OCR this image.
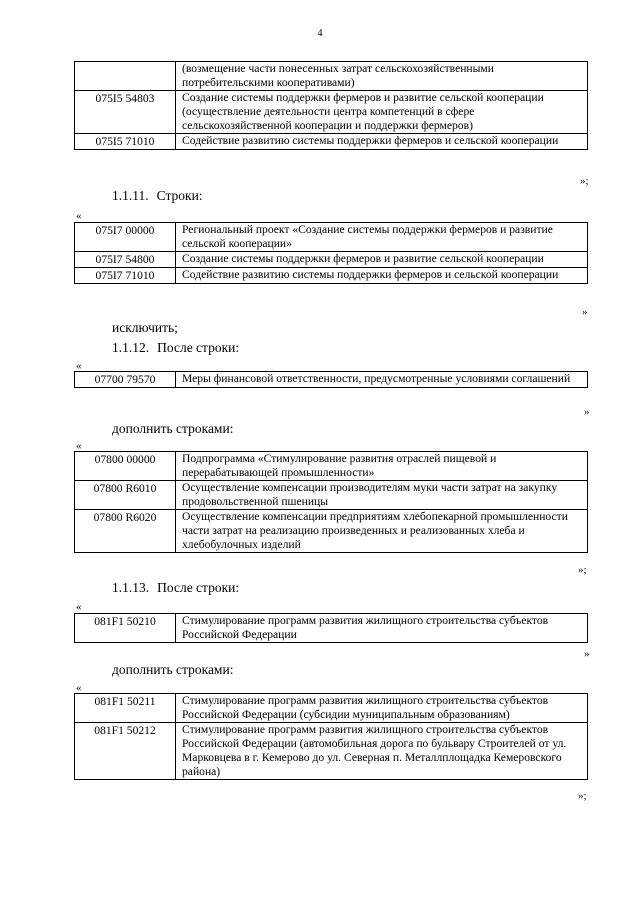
4
	(возмещение части понесенных затрат сельскохозяйственными потребительскими кооперативами)
075I5 54803	Создание системы поддержки фермеров и развитие сельской кооперации (осуществление деятельности центра компетенций в сфере сельскохозяйственной кооперации и поддержки фермеров)
075I5 71010	Содействие развитию системы поддержки фермеров и сельской кооперации
»;
1.1.11. Строки:
«
075I7 00000	Региональный проект «Создание системы поддержки фермеров и развитие сельской кооперации»
075I7 54800	Создание системы поддержки фермеров и развитие сельской кооперации
075I7 71010	Содействие развитию системы поддержки фермеров и сельской кооперации
»
исключить;
1.1.12. После строки:
«
07700 79570	Меры финансовой ответственности, предусмотренные условиями соглашений
»
дополнить строками:
«
07800 00000	Подпрограмма «Стимулирование развития отраслей пищевой и перерабатывающей промышленности»
07800 R6010	Осуществление компенсации производителям муки части затрат на закупку продовольственной пшеницы
07800 R6020	Осуществление компенсации предприятиям хлебопекарной промышленности части затрат на реализацию произведенных и реализованных хлеба и хлебобулочных изделий
»;
1.1.13. После строки:
«
081F1 50210	Стимулирование программ развития жилищного строительства субъектов Российской Федерации
»
дополнить строками:
«
081F1 50211	Стимулирование программ развития жилищного строительства субъектов Российской Федерации (субсидии муниципальным образованиям)
081F1 50212	Стимулирование программ развития жилищного строительства субъектов Российской Федерации (автомобильная дорога по бульвару Строителей от ул. Марковцева в г. Кемерово до ул. Северная п. Металлплощадка Кемеровского района)
»;
